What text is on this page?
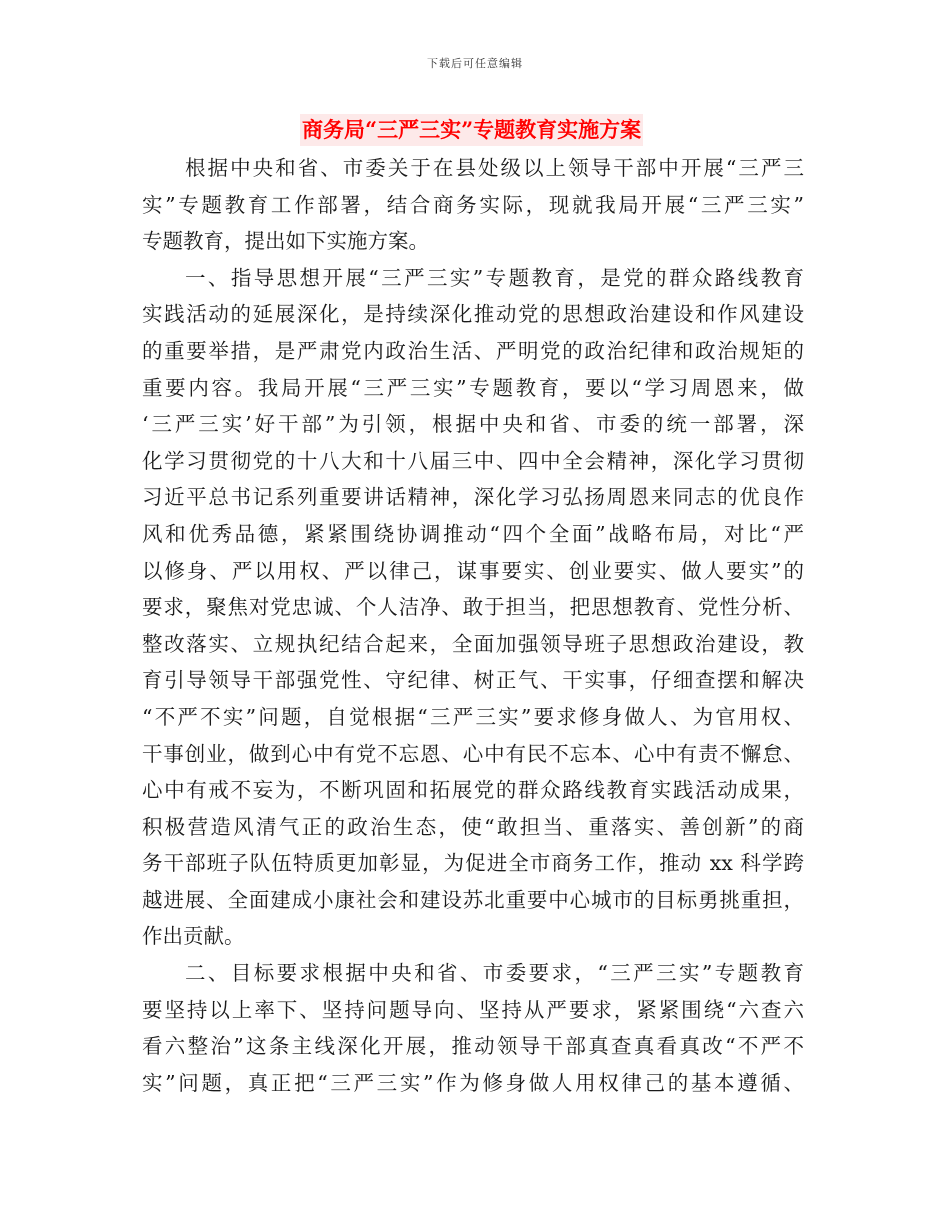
下载后可任意编辑
商务局“三严三实”专题教育实施方案
根据中央和省、市委关于在县处级以上领导干部中开展“三严三
实”专题教育工作部署，结合商务实际，现就我局开展“三严三实”
专题教育，提出如下实施方案。
一、指导思想开展“三严三实”专题教育，是党的群众路线教育
实践活动的延展深化，是持续深化推动党的思想政治建设和作风建设
的重要举措，是严肃党内政治生活、严明党的政治纪律和政治规矩的
重要内容。我局开展“三严三实”专题教育，要以“学习周恩来，做
‘三严三实’好干部”为引领，根据中央和省、市委的统一部署，深
化学习贯彻党的十八大和十八届三中、四中全会精神，深化学习贯彻
习近平总书记系列重要讲话精神，深化学习弘扬周恩来同志的优良作
风和优秀品德，紧紧围绕协调推动“四个全面”战略布局，对比“严
以修身、严以用权、严以律己，谋事要实、创业要实、做人要实”的
要求，聚焦对党忠诚、个人洁净、敢于担当，把思想教育、党性分析、
整改落实、立规执纪结合起来，全面加强领导班子思想政治建设，教
育引导领导干部强党性、守纪律、树正气、干实事，仔细查摆和解决
“不严不实”问题，自觉根据“三严三实”要求修身做人、为官用权、
干事创业，做到心中有党不忘恩、心中有民不忘本、心中有责不懈怠、
心中有戒不妄为，不断巩固和拓展党的群众路线教育实践活动成果，
积极营造风清气正的政治生态，使“敢担当、重落实、善创新”的商
务干部班子队伍特质更加彰显，为促进全市商务工作，推动 xx 科学跨
越进展、全面建成小康社会和建设苏北重要中心城市的目标勇挑重担，
作出贡献。
二、目标要求根据中央和省、市委要求，“三严三实”专题教育
要坚持以上率下、坚持问题导向、坚持从严要求，紧紧围绕“六查六
看六整治”这条主线深化开展，推动领导干部真查真看真改“不严不
实”问题，真正把“三严三实”作为修身做人用权律己的基本遵循、
